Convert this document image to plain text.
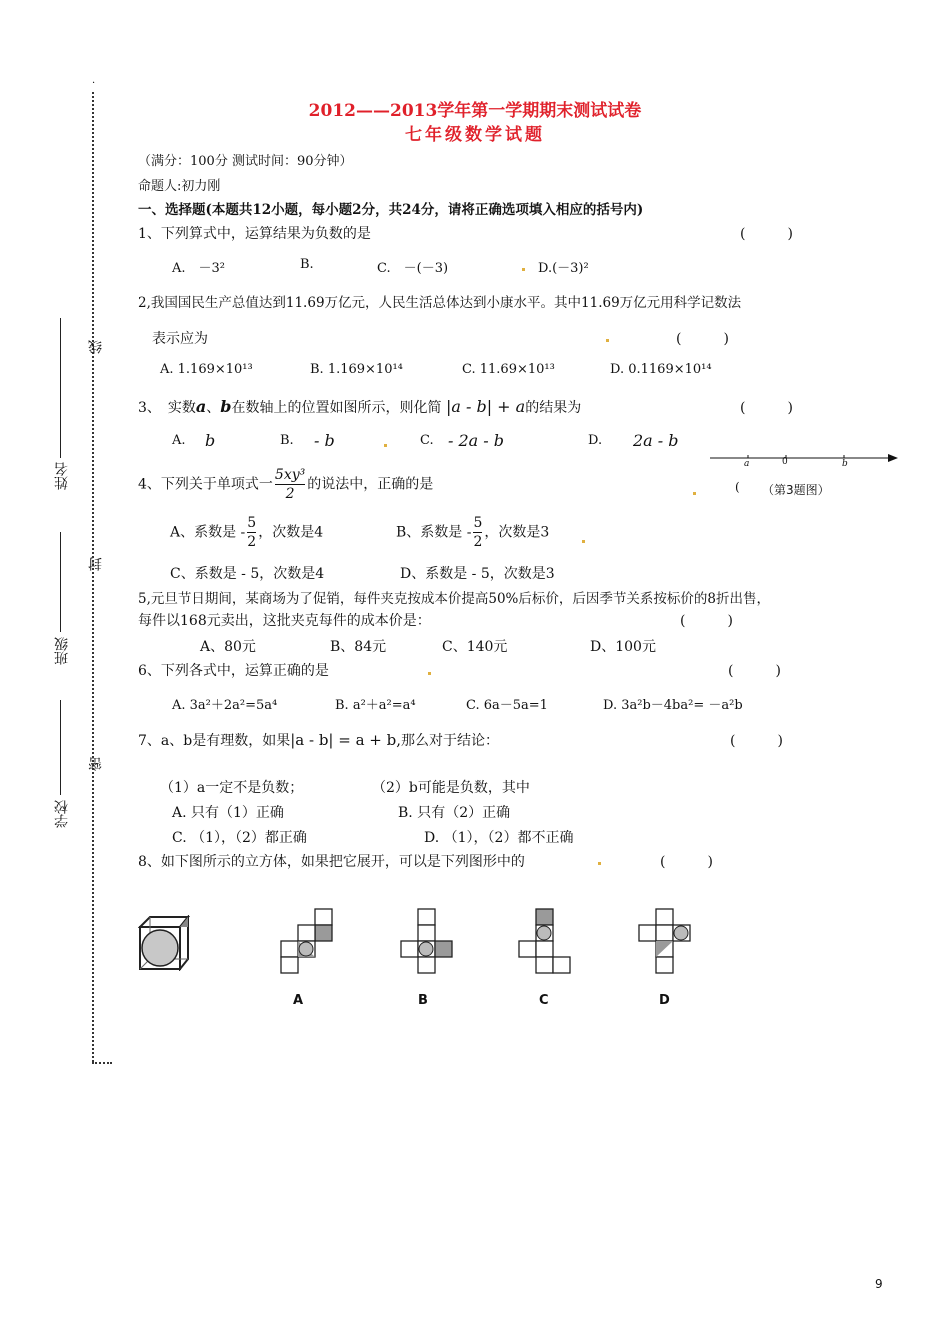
·
线
封
密
姓名
班级
学校
2012——2013学年第一学期期末测试试卷
七年级数学试题
（满分：100分 测试时间：90分钟）
命题人:初力刚
一、选择题(本题共12小题，每小题2分，共24分，请将正确选项填入相应的括号内)
1、下列算式中，运算结果为负数的是	(　　　)
A.　－3²	B.	C.　－(－3)	D.(－3)²
2,我国国民生产总值达到11.69万亿元，人民生活总体达到小康水平。其中11.69万亿元用科学记数法
表示应为	(　　　)
A. 1.169×10¹³	B. 1.169×10¹⁴	C. 11.69×10¹³	D. 0.1169×10¹⁴
3、　实数a、b在数轴上的位置如图所示，则化简 |a - b| + a的结果为	(　　　)
A. b	B. - b	C. - 2a - b	D. 2a - b
a	0	b
4、下列关于单项式一 $\frac{\text{5xy³}}{2}$ 的说法中，正确的是	( （第3题图）
A、系数是 - $\frac{5}{2}$ ，次数是4	B、系数是 - $\frac{5}{2}$ ，次数是3
C、系数是 - 5，次数是4	D、系数是 - 5，次数是3
5,元旦节日期间，某商场为了促销，每件夹克按成本价提高50%后标价，后因季节关系按标价的8折出售，
每件以168元卖出，这批夹克每件的成本价是：	(　　　)
A、80元	B、84元	C、140元	D、100元
6、下列各式中，运算正确的是	(　　　)
A. 3a²＋2a²=5a⁴	B. a²＋a²=a⁴	C. 6a－5a=1	D. 3a²b－4ba²= －a²b
7、a、b是有理数，如果|a - b| = a + b,那么对于结论：	(　　　)
（1）a一定不是负数；	（2）b可能是负数，其中
A. 只有（1）正确	B. 只有（2）正确
C. （1），（2）都正确	D. （1），（2）都不正确
8、如下图所示的立方体，如果把它展开，可以是下列图形中的	(　　　)
A	B	C	D
9
